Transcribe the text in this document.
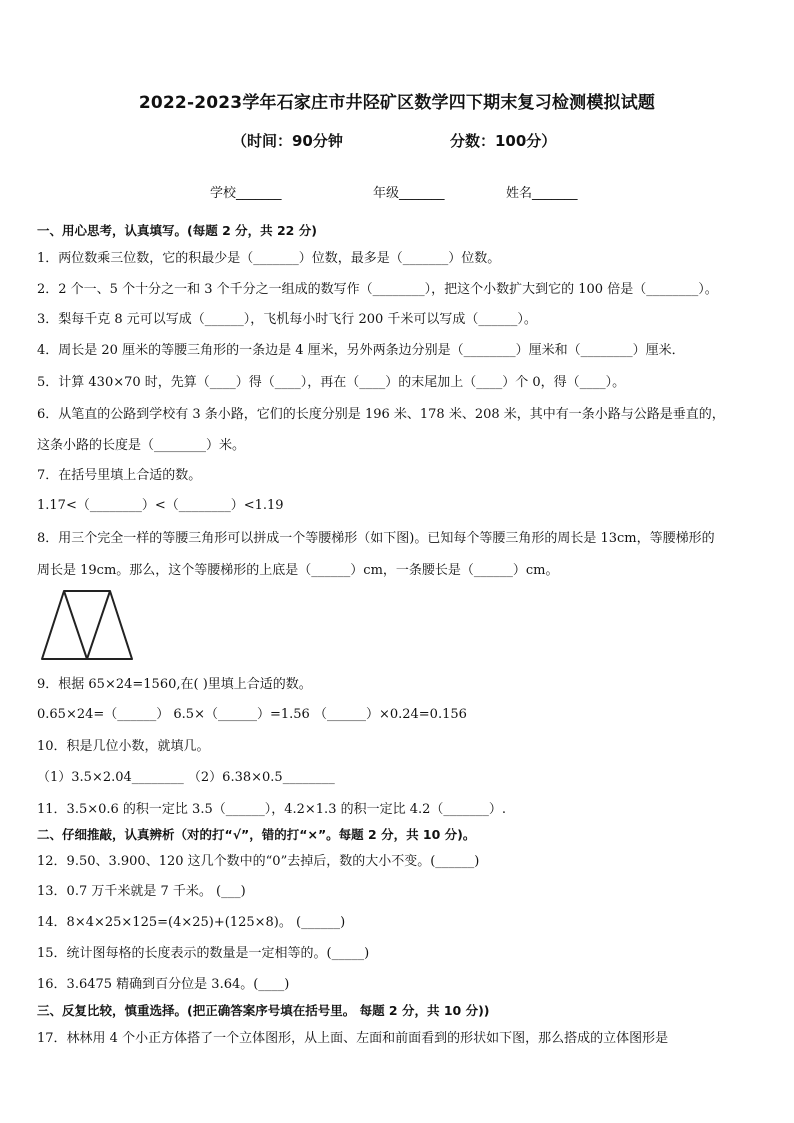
2022-2023学年石家庄市井陉矿区数学四下期末复习检测模拟试题
（时间：90分钟	分数：100分）
学校_______	年级_______	姓名_______
一、用心思考，认真填写。(每题 2 分，共 22 分)
1．两位数乘三位数，它的积最少是（_______）位数，最多是（_______）位数。
2．2 个一、5 个十分之一和 3 个千分之一组成的数写作（________），把这个小数扩大到它的 100 倍是（________）。
3．梨每千克 8 元可以写成（______），飞机每小时飞行 200 千米可以写成（______）。
4．周长是 20 厘米的等腰三角形的一条边是 4 厘米，另外两条边分别是（________）厘米和（________）厘米．
5．计算 430×70 时，先算（____）得（____），再在（____）的末尾加上（____）个 0，得（____）。
6．从笔直的公路到学校有 3 条小路，它们的长度分别是 196 米、178 米、208 米，其中有一条小路与公路是垂直的，
这条小路的长度是（________）米。
7．在括号里填上合适的数。
1.17<（________）<（________）<1.19
8．用三个完全一样的等腰三角形可以拼成一个等腰梯形（如下图)。已知每个等腰三角形的周长是 13cm，等腰梯形的
周长是 19cm。那么，这个等腰梯形的上底是（______）cm，一条腰长是（______）cm。
9．根据 65×24=1560,在( )里填上合适的数。
0.65×24=（______） 6.5×（______）=1.56 （______）×0.24=0.156
10．积是几位小数，就填几。
（1）3.5×2.04________ （2）6.38×0.5________
11．3.5×0.6 的积一定比 3.5（______），4.2×1.3 的积一定比 4.2（_______）.
二、仔细推敲，认真辨析（对的打“√”，错的打“×”。每题 2 分，共 10 分)。
12．9.50、3.900、120 这几个数中的“0”去掉后，数的大小不变。(______)
13．0.7 万千米就是 7 千米。 (___)
14．8×4×25×125=(4×25)+(125×8)。 (______)
15．统计图每格的长度表示的数量是一定相等的。(_____)
16．3.6475 精确到百分位是 3.64。(____)
三、反复比较，慎重选择。(把正确答案序号填在括号里。 每题 2 分，共 10 分))
17．林林用 4 个小正方体搭了一个立体图形，从上面、左面和前面看到的形状如下图，那么搭成的立体图形是
